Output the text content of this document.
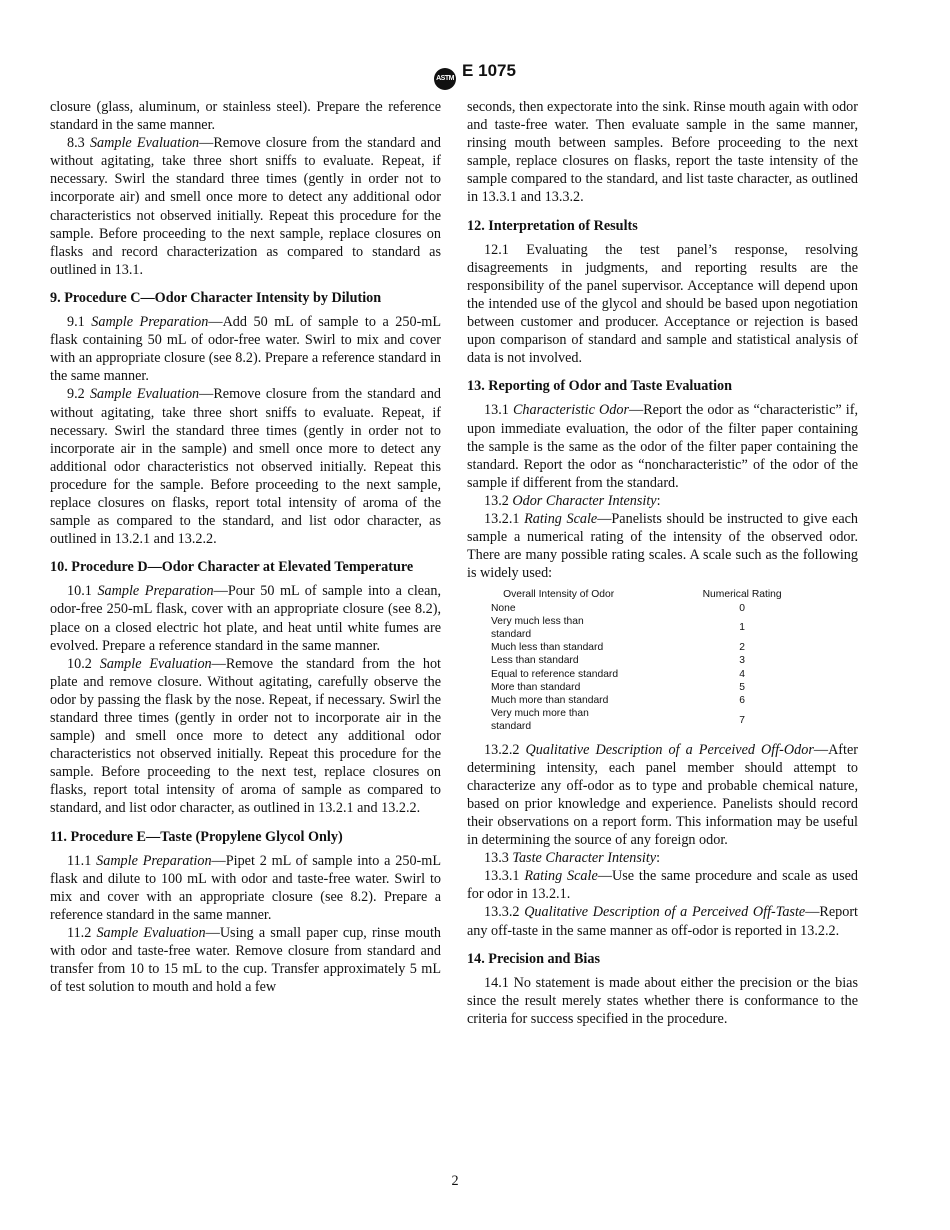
ASTM E 1075

closure (glass, aluminum, or stainless steel). Prepare the reference standard in the same manner.

8.3 Sample Evaluation—Remove closure from the standard and without agitating, take three short sniffs to evaluate. Repeat, if necessary. Swirl the standard three times (gently in order not to incorporate air) and smell once more to detect any additional odor characteristics not observed initially. Repeat this procedure for the sample. Before proceeding to the next sample, replace closures on flasks and record characterization as compared to standard as outlined in 13.1.

9. Procedure C—Odor Character Intensity by Dilution

9.1 Sample Preparation—Add 50 mL of sample to a 250-mL flask containing 50 mL of odor-free water. Swirl to mix and cover with an appropriate closure (see 8.2). Prepare a reference standard in the same manner.

9.2 Sample Evaluation—Remove closure from the standard and without agitating, take three short sniffs to evaluate. Repeat, if necessary. Swirl the standard three times (gently in order not to incorporate air in the sample) and smell once more to detect any additional odor characteristics not observed initially. Repeat this procedure for the sample. Before proceeding to the next sample, replace closures on flasks, report total intensity of aroma of the sample as compared to the standard, and list odor character, as outlined in 13.2.1 and 13.2.2.

10. Procedure D—Odor Character at Elevated Temperature

10.1 Sample Preparation—Pour 50 mL of sample into a clean, odor-free 250-mL flask, cover with an appropriate closure (see 8.2), place on a closed electric hot plate, and heat until white fumes are evolved. Prepare a reference standard in the same manner.

10.2 Sample Evaluation—Remove the standard from the hot plate and remove closure. Without agitating, carefully observe the odor by passing the flask by the nose. Repeat, if necessary. Swirl the standard three times (gently in order not to incorporate air in the sample) and smell once more to detect any additional odor characteristics not observed initially. Repeat this procedure for the sample. Before proceeding to the next test, replace closures on flasks, report total intensity of aroma of sample as compared to standard, and list odor character, as outlined in 13.2.1 and 13.2.2.

11. Procedure E—Taste (Propylene Glycol Only)

11.1 Sample Preparation—Pipet 2 mL of sample into a 250-mL flask and dilute to 100 mL with odor and taste-free water. Swirl to mix and cover with an appropriate closure (see 8.2). Prepare a reference standard in the same manner.

11.2 Sample Evaluation—Using a small paper cup, rinse mouth with odor and taste-free water. Remove closure from standard and transfer from 10 to 15 mL to the cup. Transfer approximately 5 mL of test solution to mouth and hold a few

seconds, then expectorate into the sink. Rinse mouth again with odor and taste-free water. Then evaluate sample in the same manner, rinsing mouth between samples. Before proceeding to the next sample, replace closures on flasks, report the taste intensity of the sample compared to the standard, and list taste character, as outlined in 13.3.1 and 13.3.2.

12. Interpretation of Results

12.1 Evaluating the test panel’s response, resolving disagreements in judgments, and reporting results are the responsibility of the panel supervisor. Acceptance will depend upon the intended use of the glycol and should be based upon negotiation between customer and producer. Acceptance or rejection is based upon comparison of standard and sample and statistical analysis of data is not involved.

13. Reporting of Odor and Taste Evaluation

13.1 Characteristic Odor—Report the odor as “characteristic” if, upon immediate evaluation, the odor of the filter paper containing the sample is the same as the odor of the filter paper containing the standard. Report the odor as “noncharacteristic” of the odor of the sample if different from the standard.

13.2 Odor Character Intensity:

13.2.1 Rating Scale—Panelists should be instructed to give each sample a numerical rating of the intensity of the observed odor. There are many possible rating scales. A scale such as the following is widely used:

Overall Intensity of Odor	Numerical Rating
None	0
Very much less than standard	1
Much less than standard	2
Less than standard	3
Equal to reference standard	4
More than standard	5
Much more than standard	6
Very much more than standard	7

13.2.2 Qualitative Description of a Perceived Off-Odor—After determining intensity, each panel member should attempt to characterize any off-odor as to type and probable chemical nature, based on prior knowledge and experience. Panelists should record their observations on a report form. This information may be useful in determining the source of any foreign odor.

13.3 Taste Character Intensity:

13.3.1 Rating Scale—Use the same procedure and scale as used for odor in 13.2.1.

13.3.2 Qualitative Description of a Perceived Off-Taste—Report any off-taste in the same manner as off-odor is reported in 13.2.2.

14. Precision and Bias

14.1 No statement is made about either the precision or the bias since the result merely states whether there is conformance to the criteria for success specified in the procedure.

2
